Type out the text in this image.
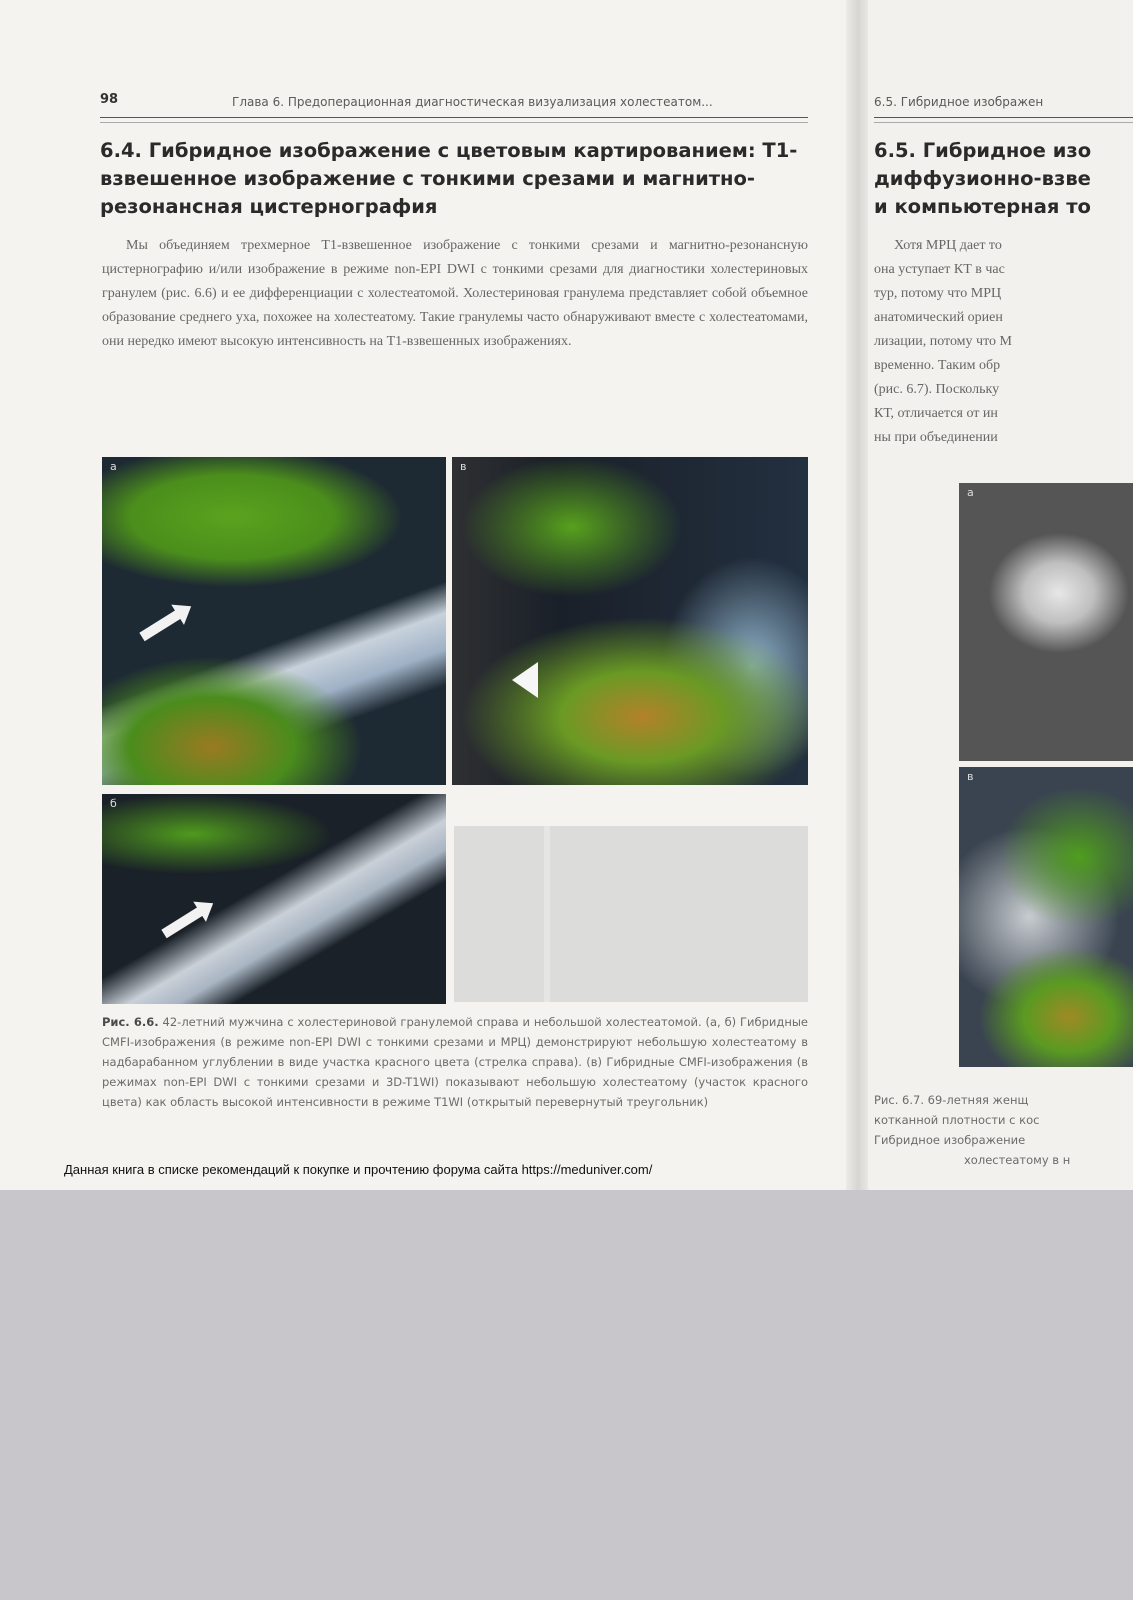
98	Глава 6. Предоперационная диагностическая визуализация холестеатом...
6.4. Гибридное изображение с цветовым картированием: Т1-взвешенное изображение с тонкими срезами и магнитно-резонансная цистернография

Мы объединяем трехмерное Т1-взвешенное изображение с тонкими срезами и магнитно-резонансную цистернографию и/или изображение в режиме non-EPI DWI с тонкими срезами для диагностики холестериновых гранулем (рис. 6.6) и ее дифференциации с холестеатомой. Холестериновая гранулема представляет собой объемное образование среднего уха, похожее на холестеатому. Такие гранулемы часто обнаруживают вместе с холестеатомами, они нередко имеют высокую интенсивность на Т1-взвешенных изображениях.

а	в
б

Рис. 6.6. 42-летний мужчина с холестериновой гранулемой справа и небольшой холестеатомой. (а, б) Гибридные CMFI-изображения (в режиме non-EPI DWI с тонкими срезами и МРЦ) демонстрируют небольшую холестеатому в надбарабанном углублении в виде участка красного цвета (стрелка справа). (в) Гибридные CMFI-изображения (в режимах non-EPI DWI с тонкими срезами и 3D-T1WI) показывают небольшую холестеатому (участок красного цвета) как область высокой интенсивности в режиме T1WI (открытый перевернутый треугольник)

Данная книга в списке рекомендаций к покупке и прочтению форума сайта https://meduniver.com/
6.5. Гибридное изображен
6.5. Гибридное изо
диффузионно-взве
и компьютерная то
Хотя МРЦ дает то
она уступает КТ в час
тур, потому что МРЦ
анатомический ориен
лизации, потому что М
временно. Таким обр
(рис. 6.7). Поскольку
КТ, отличается от ин
ны при объединении
а
в
Рис. 6.7. 69-летняя женщ
котканной плотности с кос
Гибридное изображение
холестеатому в н
